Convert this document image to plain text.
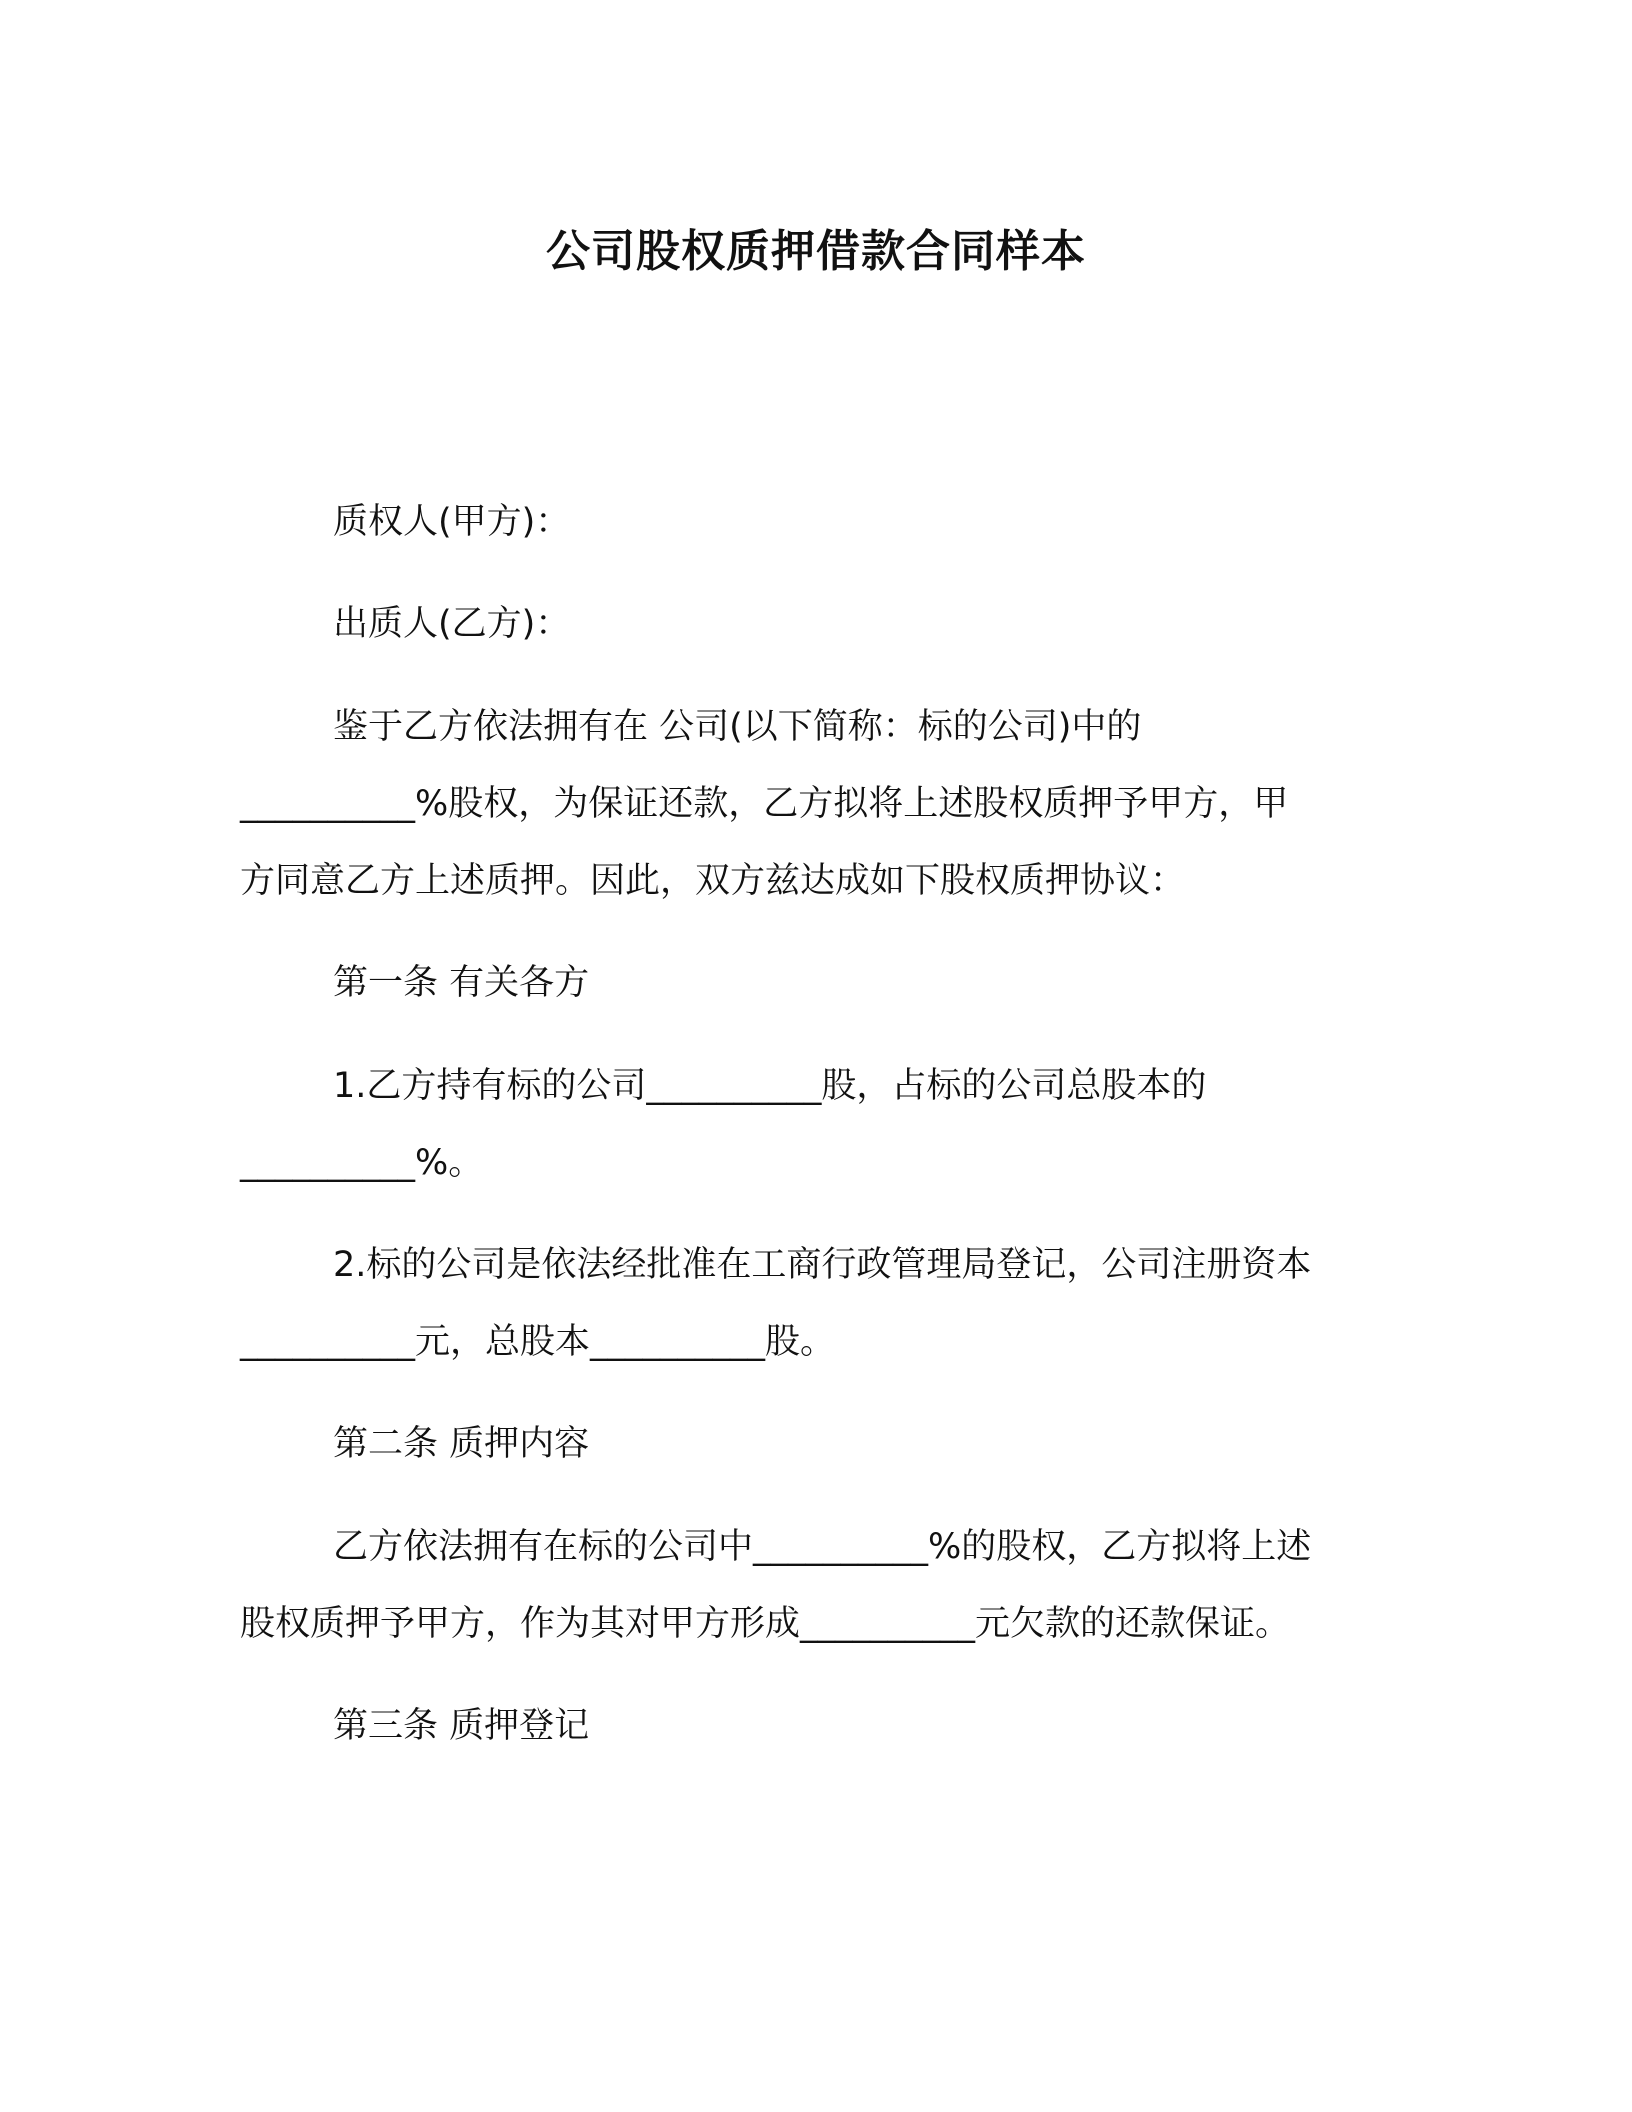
公司股权质押借款合同样本
质权人(甲方)：
出质人(乙方)：
鉴于乙方依法拥有在 公司(以下简称：标的公司)中的
__________%股权，为保证还款，乙方拟将上述股权质押予甲方，甲
方同意乙方上述质押。因此，双方兹达成如下股权质押协议：
第一条 有关各方
1.乙方持有标的公司__________股，占标的公司总股本的
__________%。
2.标的公司是依法经批准在工商行政管理局登记，公司注册资本
__________元，总股本__________股。
第二条 质押内容
乙方依法拥有在标的公司中__________%的股权，乙方拟将上述
股权质押予甲方，作为其对甲方形成__________元欠款的还款保证。
第三条 质押登记
